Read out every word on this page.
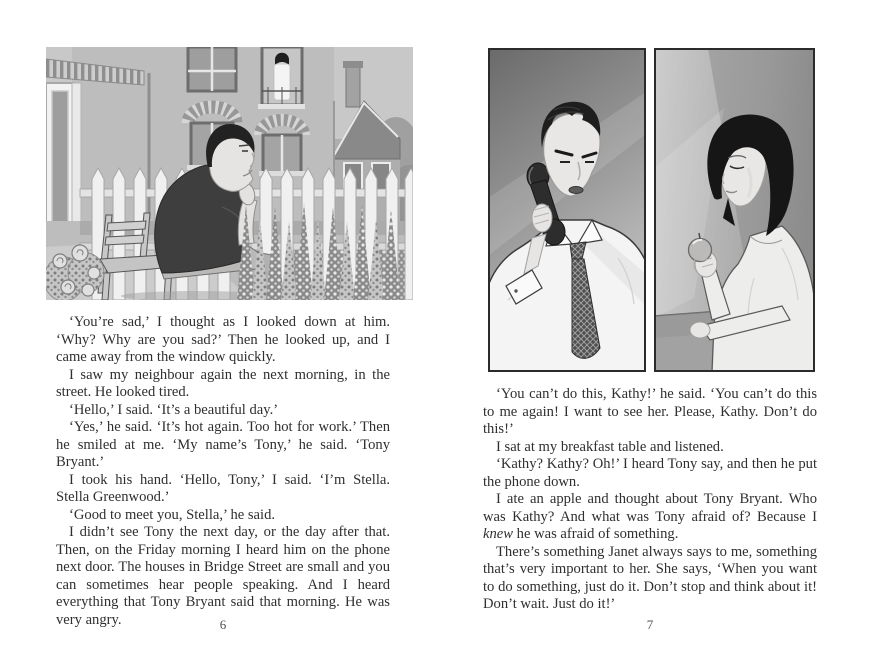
‘You’re sad,’ I thought as I looked down at him. ‘Why? Why are you sad?’ Then he looked up, and I came away from the window quickly.

I saw my neighbour again the next morning, in the street. He looked tired.

‘Hello,’ I said. ‘It’s a beautiful day.’

‘Yes,’ he said. ‘It’s hot again. Too hot for work.’ Then he smiled at me. ‘My name’s Tony,’ he said. ‘Tony Bryant.’

I took his hand. ‘Hello, Tony,’ I said. ‘I’m Stella. Stella Greenwood.’

‘Good to meet you, Stella,’ he said.

I didn’t see Tony the next day, or the day after that. Then, on the Friday morning I heard him on the phone next door. The houses in Bridge Street are small and you can sometimes hear people speaking. And I heard everything that Tony Bryant said that morning. He was very angry.	6

‘You can’t do this, Kathy!’ he said. ‘You can’t do this to me again! I want to see her. Please, Kathy. Don’t do this!’

I sat at my breakfast table and listened.

‘Kathy? Kathy? Oh!’ I heard Tony say, and then he put the phone down.

I ate an apple and thought about Tony Bryant. Who was Kathy? And what was Tony afraid of? Because I knew he was afraid of something.

There’s something Janet always says to me, something that’s very important to her. She says, ‘When you want to do something, just do it. Don’t stop and think about it! Don’t wait. Just do it!’

7
